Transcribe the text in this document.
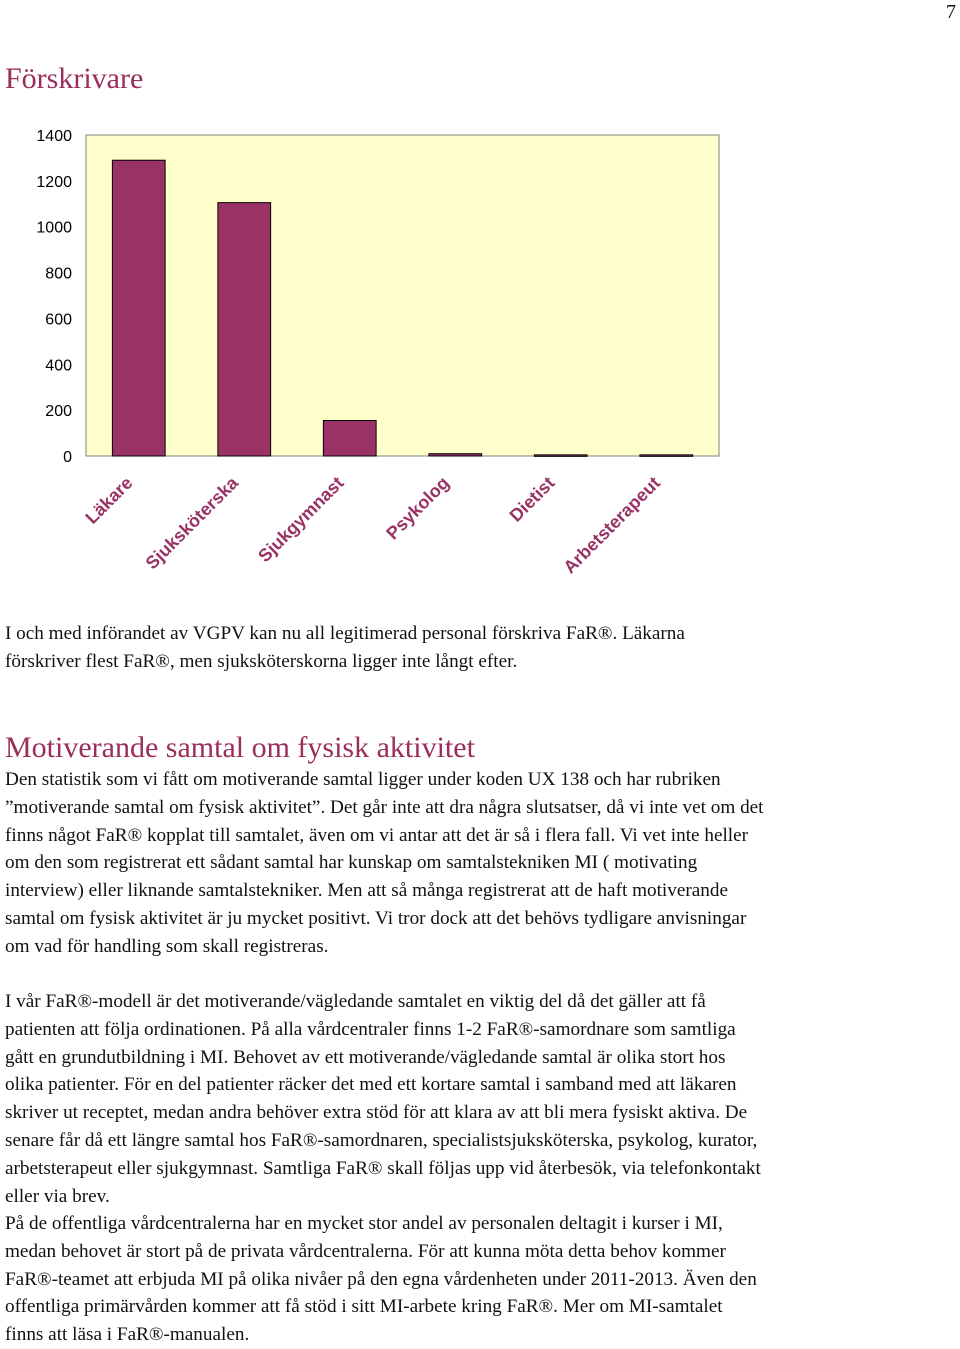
7
Förskrivare
0
200
400
600
800
1000
1200
1400
Läkare Sjuksköterska Sjukgymnast Psykolog	Dietist Arbetsterapeut

I och med införandet av VGPV kan nu all legitimerad personal förskriva FaR®. Läkarna
förskriver flest FaR®, men sjuksköterskorna ligger inte långt efter.

Motiverande samtal om fysisk aktivitet

Den statistik som vi fått om motiverande samtal ligger under koden UX 138 och har rubriken
”motiverande samtal om fysisk aktivitet”. Det går inte att dra några slutsatser, då vi inte vet om det
finns något FaR® kopplat till samtalet, även om vi antar att det är så i flera fall. Vi vet inte heller
om den som registrerat ett sådant samtal har kunskap om samtalstekniken MI ( motivating
interview) eller liknande samtalstekniker. Men att så många registrerat att de haft motiverande
samtal om fysisk aktivitet är ju mycket positivt. Vi tror dock att det behövs tydligare anvisningar
om vad för handling som skall registreras.

I vår FaR®-modell är det motiverande/vägledande samtalet en viktig del då det gäller att få
patienten att följa ordinationen. På alla vårdcentraler finns 1-2 FaR®-samordnare som samtliga
gått en grundutbildning i MI. Behovet av ett motiverande/vägledande samtal är olika stort hos
olika patienter. För en del patienter räcker det med ett kortare samtal i samband med att läkaren
skriver ut receptet, medan andra behöver extra stöd för att klara av att bli mera fysiskt aktiva. De
senare får då ett längre samtal hos FaR®-samordnaren, specialistsjuksköterska, psykolog, kurator,
arbetsterapeut eller sjukgymnast. Samtliga FaR® skall följas upp vid återbesök, via telefonkontakt
eller via brev.

På de offentliga vårdcentralerna har en mycket stor andel av personalen deltagit i kurser i MI,
medan behovet är stort på de privata vårdcentralerna. För att kunna möta detta behov kommer
FaR®-teamet att erbjuda MI på olika nivåer på den egna vårdenheten under 2011-2013. Även den
offentliga primärvården kommer att få stöd i sitt MI-arbete kring FaR®. Mer om MI-samtalet
finns att läsa i FaR®-manualen.
